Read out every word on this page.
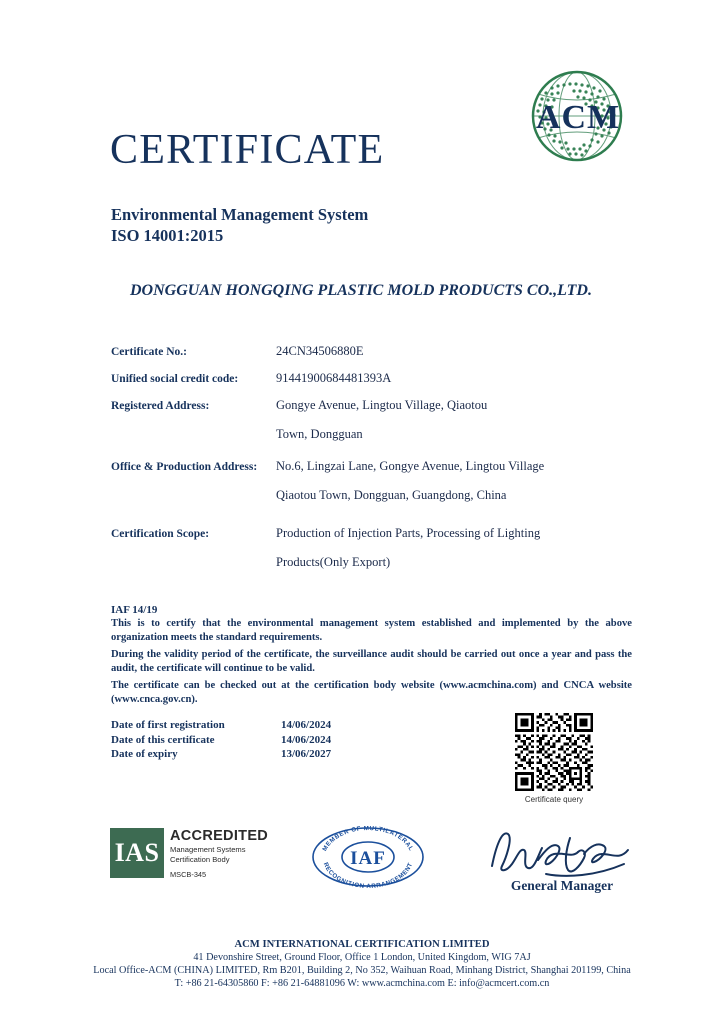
CERTIFICATE
ACM
Environmental Management System
ISO 14001:2015
DONGGUAN HONGQING PLASTIC MOLD PRODUCTS CO.,LTD.
Certificate No.:	24CN34506880E
Unified social credit code:	91441900684481393A
Registered Address:	Gongye Avenue, Lingtou Village, Qiaotou
Town, Dongguan
Office & Production Address:	No.6, Lingzai Lane, Gongye Avenue, Lingtou Village
Qiaotou Town, Dongguan, Guangdong, China
Certification Scope:	Production of Injection Parts, Processing of Lighting
Products(Only Export)
IAF 14/19

This is to certify that the environmental management system established and implemented by the above organization meets the standard requirements.

During the validity period of the certificate, the surveillance audit should be carried out once a year and pass the audit, the certificate will continue to be valid.

The certificate can be checked out at the certification body website (www.acmchina.com) and CNCA website (www.cnca.gov.cn).

Date of first registration	14/06/2024
Date of this certificate	14/06/2024
Date of expiry	13/06/2027
Certificate query
IAS
ACCREDITED
Management Systems
Certification Body
MSCB-345
IAF
MEMBER OF MULTILATERAL
RECOGNITION ARRANGEMENT
General Manager
ACM INTERNATIONAL CERTIFICATION LIMITED
41 Devonshire Street, Ground Floor, Office 1 London, United Kingdom, WIG 7AJ
Local Office-ACM (CHINA) LIMITED, Rm B201, Building 2, No 352, Waihuan Road, Minhang District, Shanghai 201199, China
T: +86 21-64305860 F: +86 21-64881096 W: www.acmchina.com E: info@acmcert.com.cn
